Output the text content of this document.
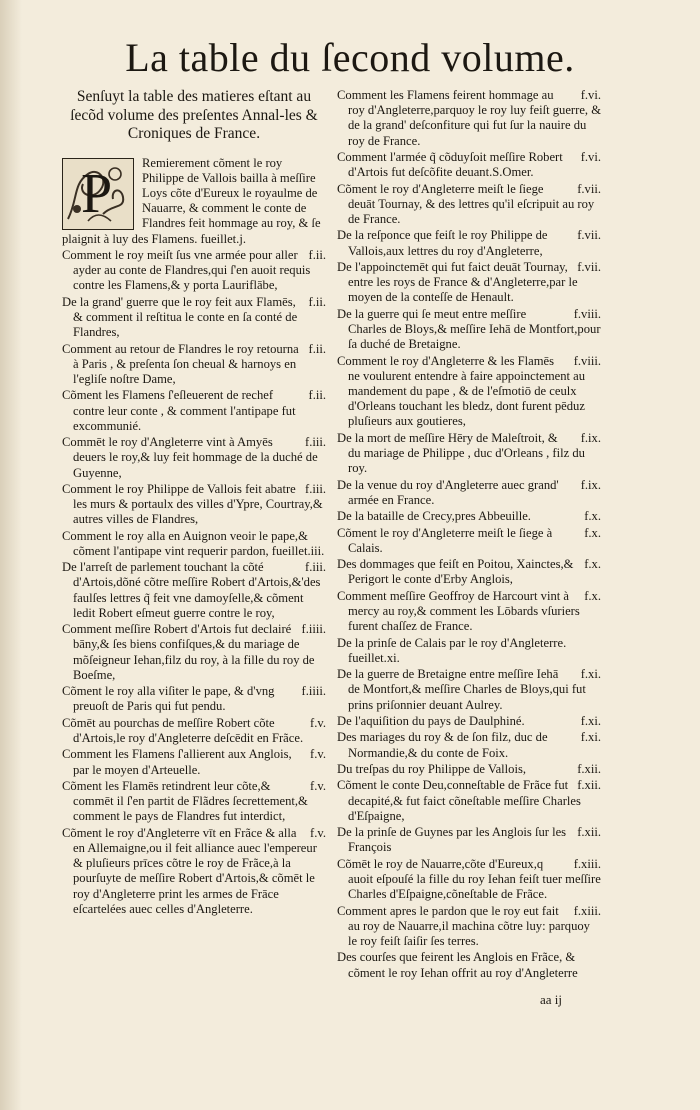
La table du ſecond volume.
Senſuyt la table des matieres eſtant au ſecõd volume des preſentes Annal-les & Croniques de France.
P Remierement cõment le roy Philippe de Vallois bailla à meſſire Loys cõte d'Eureux le royaulme de Nauarre, & comment le conte de Flandres feit hommage au roy, & ſe plaignit à luy des Flamens. fueillet.j.
f.ii.
Comment le roy meiſt ſus vne armée pour aller ayder au conte de Flandres,qui ſ'en auoit requis contre les Flamens,& y porta Lauriflābe,
f.ii.
De la grand' guerre que le roy feit aux Flamēs, & comment il reſtitua le conte en ſa conté de Flandres,
f.ii.
Comment au retour de Flandres le roy retourna à Paris , & preſenta ſon cheual & harnoys en l'egliſe noſtre Dame,
f.ii.
Cõment les Flamens ſ'eſleuerent de rechef contre leur conte , & comment l'antipape fut excommunié.
f.iii.
Commēt le roy d'Angleterre vint à Amyēs deuers le roy,& luy feit hommage de la duché de Guyenne,
f.iii.
Comment le roy Philippe de Vallois feit abatre les murs & portaulx des villes d'Ypre, Courtray,& autres villes de Flandres,
Comment le roy alla en Auignon veoir le pape,& cõment l'antipape vint requerir pardon, fueillet.iii.
f.iii.
De l'arreſt de parlement touchant la cõté d'Artois,dõné cõtre meſſire Robert d'Artois,&'des faulſes lettres q̃ feit vne damoyſelle,& cõment ledit Robert eſmeut guerre contre le roy,
f.iiii.
Comment meſſire Robert d'Artois fut declairé bāny,& ſes biens confiſques,& du mariage de mõſeigneur Iehan,filz du roy, à la fille du roy de Boeſme,
f.iiii.
Cõment le roy alla viſiter le pape, & d'vng preuoſt de Paris qui fut pendu.
f.v.
Cõmēt au pourchas de meſſire Robert cõte d'Artois,le roy d'Angleterre deſcēdit en Frãce.
f.v.
Comment les Flamens ſ'allierent aux Anglois, par le moyen d'Arteuelle.
f.v.
Cõment les Flamēs retindrent leur cõte,& commēt il ſ'en partit de Flãdres ſecrettement,& comment le pays de Flandres fut interdict,
f.v.
Cõment le roy d'Angleterre vīt en Frãce & alla en Allemaigne,ou il feit alliance auec l'empereur & pluſieurs prīces cõtre le roy de Frãce,à la pourſuyte de meſſire Robert d'Artois,& cõmēt le roy d'Angleterre print les armes de Frāce eſcartelées auec celles d'Angleterre.
f.vi.
Comment les Flamens feirent hommage au roy d'Angleterre,parquoy le roy luy feiſt guerre, & de la grand' deſconfiture qui fut ſur la nauire du roy de France.
f.vi.
Comment l'armée q̃ cõduyſoit meſſire Robert d'Artois fut deſcõfite deuant.S.Omer.
f.vii.
Cõment le roy d'Angleterre meiſt le ſiege deuāt Tournay, & des lettres qu'il eſcripuit au roy de France.
f.vii.
De la reſponce que feiſt le roy Philippe de Vallois,aux lettres du roy d'Angleterre,
f.vii.
De l'appoinctemēt qui fut faict deuāt Tournay, entre les roys de France & d'Angleterre,par le moyen de la conteſſe de Henault.
f.viii.
De la guerre qui ſe meut entre meſſire Charles de Bloys,& meſſire Iehā de Montfort,pour ſa duché de Bretaigne.
f.viii.
Comment le roy d'Angleterre & les Flamēs ne voulurent entendre à faire appoinctement au mandement du pape , & de l'eſmotiō de ceulx d'Orleans touchant les bledz, dont furent pēduz pluſieurs aux goutieres,
f.ix.
De la mort de meſſire Hēry de Maleſtroit, & du mariage de Philippe , duc d'Orleans , filz du roy.
f.ix.
De la venue du roy d'Angleterre auec grand' armée en France.
f.x.
De la bataille de Crecy,pres Abbeuille.
f.x.
Cõment le roy d'Angleterre meiſt le ſiege à Calais.
f.x.
Des dommages que feiſt en Poitou, Xainctes,& Perigort le conte d'Erby Anglois,
f.x.
Comment meſſire Geoffroy de Harcourt vint à mercy au roy,& comment les Lōbards vſuriers furent chaſſez de France.
De la prinſe de Calais par le roy d'Angleterre. fueillet.xi.
f.xi.
De la guerre de Bretaigne entre meſſire Iehā de Montfort,& meſſire Charles de Bloys,qui fut prins priſonnier deuant Aulrey.
f.xi.
De l'aquiſition du pays de Daulphiné.
f.xi.
Des mariages du roy & de ſon filz, duc de Normandie,& du conte de Foix.
f.xii.
Du treſpas du roy Philippe de Vallois,
f.xii.
Cõment le conte Deu,conneſtable de Frãce fut decapité,& fut faict cõneſtable meſſire Charles d'Eſpaigne,
f.xii.
De la prinſe de Guynes par les Anglois ſur les François
f.xiii.
Cõmēt le roy de Nauarre,cõte d'Eureux,q auoit eſpouſé la fille du roy Iehan feiſt tuer meſſire Charles d'Eſpaigne,cõneſtable de Frãce.
f.xiii.
Comment apres le pardon que le roy eut fait au roy de Nauarre,il machina cõtre luy: parquoy le roy feiſt ſaiſir ſes terres.
Des courſes que feirent les Anglois en Frãce, & cõment le roy Iehan offrit au roy d'Angleterre
aa ij
